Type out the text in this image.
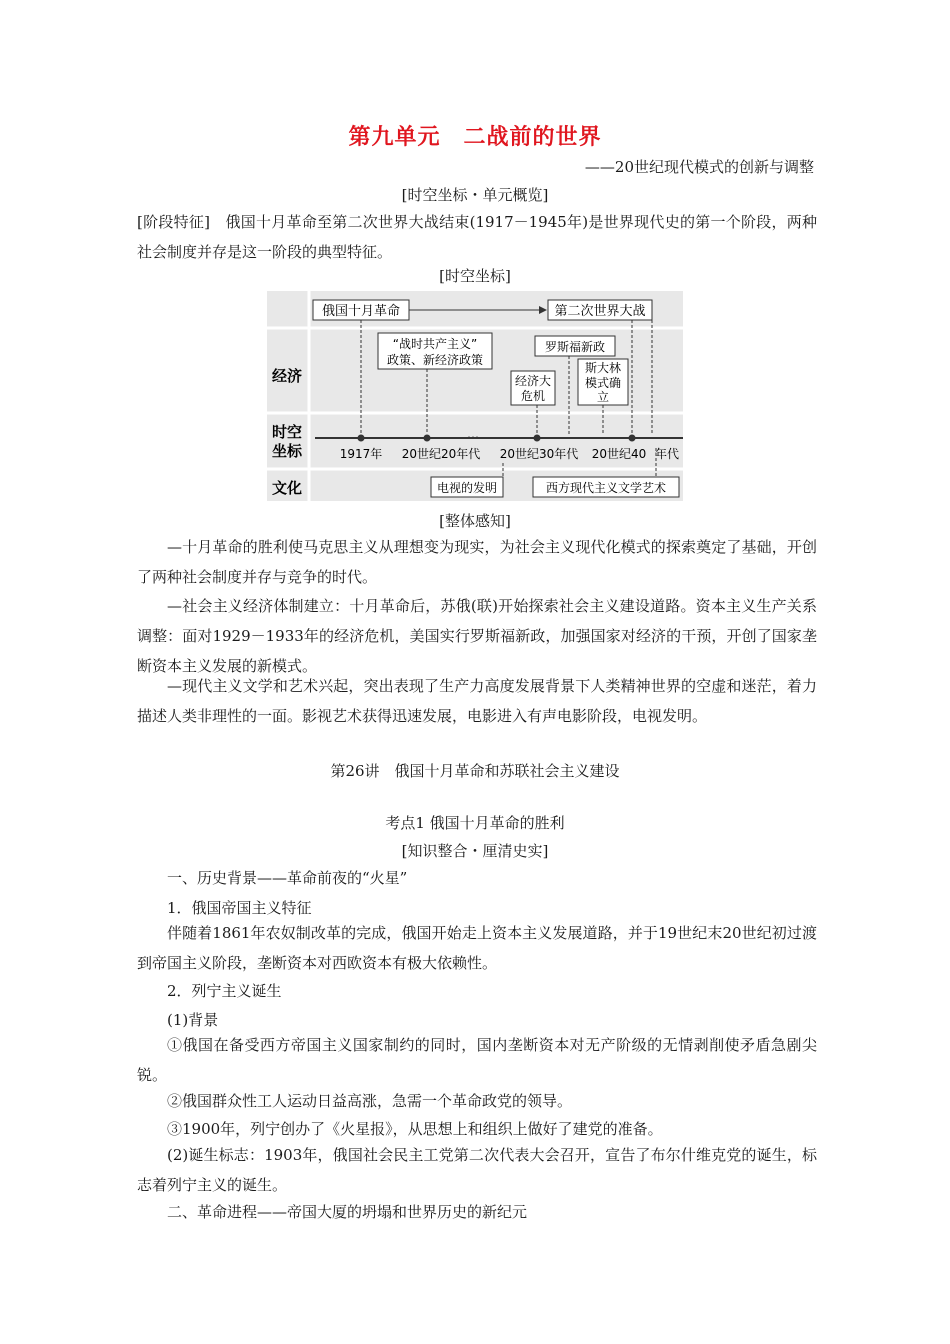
第九单元　二战前的世界
——20世纪现代模式的创新与调整
[时空坐标・单元概览]
[阶段特征]　俄国十月革命至第二次世界大战结束(1917－1945年)是世界现代史的第一个阶段，两种社会制度并存是这一阶段的典型特征。
[时空坐标]
经济
时空
坐标
文化
俄国十月革命	第二次世界大战
“战时共产主义”
政策、新经济政策
罗斯福新政
经济大
危机
斯大林
模式确
立
⋯
1917年 20世纪20年代 20世纪30年代 20世纪40 年代
电视的发明	西方现代主义文学艺术
[整体感知]
—十月革命的胜利使马克思主义从理想变为现实，为社会主义现代化模式的探索奠定了基础，开创了两种社会制度并存与竞争的时代。
—社会主义经济体制建立：十月革命后，苏俄(联)开始探索社会主义建设道路。资本主义生产关系调整：面对1929－1933年的经济危机，美国实行罗斯福新政，加强国家对经济的干预，开创了国家垄断资本主义发展的新模式。
—现代主义文学和艺术兴起，突出表现了生产力高度发展背景下人类精神世界的空虚和迷茫，着力描述人类非理性的一面。影视艺术获得迅速发展，电影进入有声电影阶段，电视发明。
第26讲　俄国十月革命和苏联社会主义建设
考点1 俄国十月革命的胜利
[知识整合・厘清史实]
一、历史背景——革命前夜的“火星”
1．俄国帝国主义特征
伴随着1861年农奴制改革的完成，俄国开始走上资本主义发展道路，并于19世纪末20世纪初过渡到帝国主义阶段，垄断资本对西欧资本有极大依赖性。
2．列宁主义诞生
(1)背景
①俄国在备受西方帝国主义国家制约的同时，国内垄断资本对无产阶级的无情剥削使矛盾急剧尖锐。
②俄国群众性工人运动日益高涨，急需一个革命政党的领导。
③1900年，列宁创办了《火星报》，从思想上和组织上做好了建党的准备。
(2)诞生标志：1903年，俄国社会民主工党第二次代表大会召开，宣告了布尔什维克党的诞生，标志着列宁主义的诞生。
二、革命进程——帝国大厦的坍塌和世界历史的新纪元
